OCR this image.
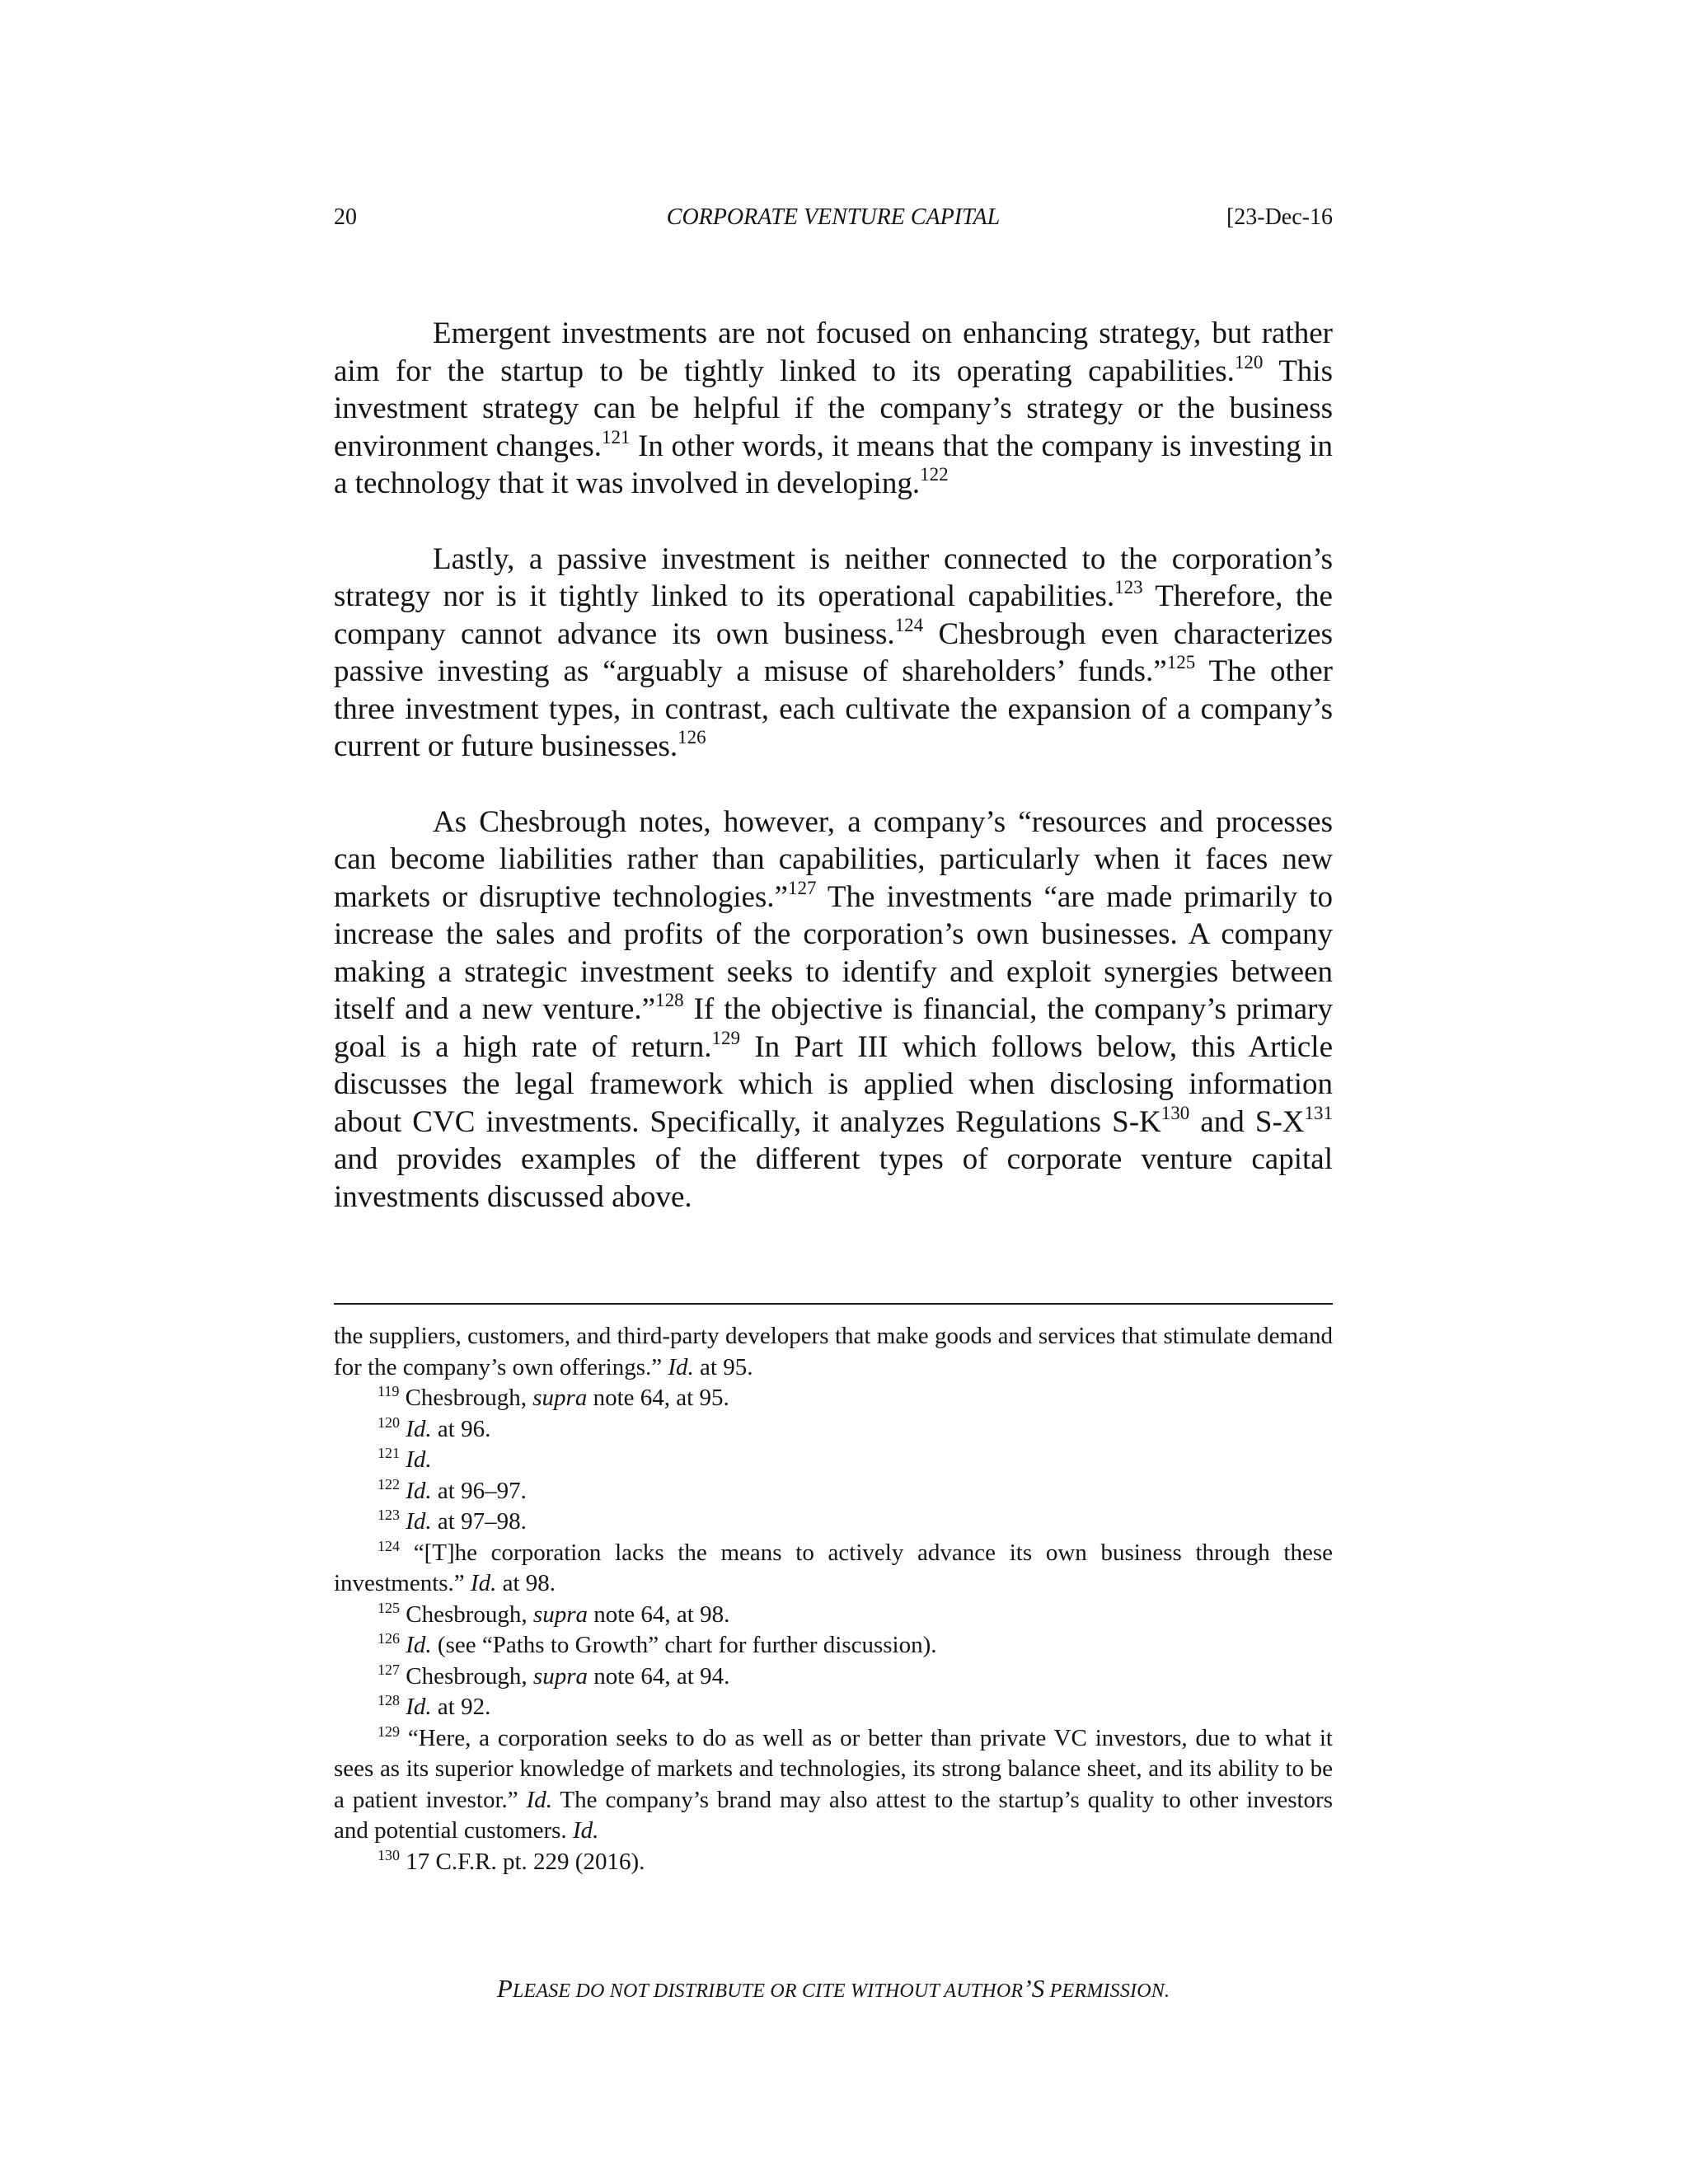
20	CORPORATE VENTURE CAPITAL	[23-Dec-16

Emergent investments are not focused on enhancing strategy, but rather aim for the startup to be tightly linked to its operating capabilities.$^{120}$ This investment strategy can be helpful if the company’s strategy or the business environment changes.$^{121}$ In other words, it means that the company is investing in a technology that it was involved in developing.$^{122}$

Lastly, a passive investment is neither connected to the corporation’s strategy nor is it tightly linked to its operational capabilities.$^{123}$ Therefore, the company cannot advance its own business.$^{124}$ Chesbrough even characterizes passive investing as “arguably a misuse of shareholders’ funds.”$^{125}$ The other three investment types, in contrast, each cultivate the expansion of a company’s current or future businesses.$^{126}$

As Chesbrough notes, however, a company’s “resources and processes can become liabilities rather than capabilities, particularly when it faces new markets or disruptive technologies.”$^{127}$ The investments “are made primarily to increase the sales and profits of the corporation’s own businesses. A company making a strategic investment seeks to identify and exploit synergies between itself and a new venture.”$^{128}$ If the objective is financial, the company’s primary goal is a high rate of return.$^{129}$ In Part III which follows below, this Article discusses the legal framework which is applied when disclosing information about CVC investments. Specifically, it analyzes Regulations S-K$^{130}$ and S-X$^{131}$ and provides examples of the different types of corporate venture capital investments discussed above.

the suppliers, customers, and third-party developers that make goods and services that stimulate demand for the company’s own offerings.” Id. at 95.

$^{119}$ Chesbrough, supra note 64, at 95.

$^{120}$ Id. at 96.

$^{121}$ Id.

$^{122}$ Id. at 96–97.

$^{123}$ Id. at 97–98.

$^{124}$ “[T]he corporation lacks the means to actively advance its own business through these investments.” Id. at 98.

$^{125}$ Chesbrough, supra note 64, at 98.

$^{126}$ Id. (see “Paths to Growth” chart for further discussion).

$^{127}$ Chesbrough, supra note 64, at 94.

$^{128}$ Id. at 92.

$^{129}$ “Here, a corporation seeks to do as well as or better than private VC investors, due to what it sees as its superior knowledge of markets and technologies, its strong balance sheet, and its ability to be a patient investor.” Id. The company’s brand may also attest to the startup’s quality to other investors and potential customers. Id.

$^{130}$ 17 C.F.R. pt. 229 (2016).

PLEASE DO NOT DISTRIBUTE OR CITE WITHOUT AUTHOR’S PERMISSION.
